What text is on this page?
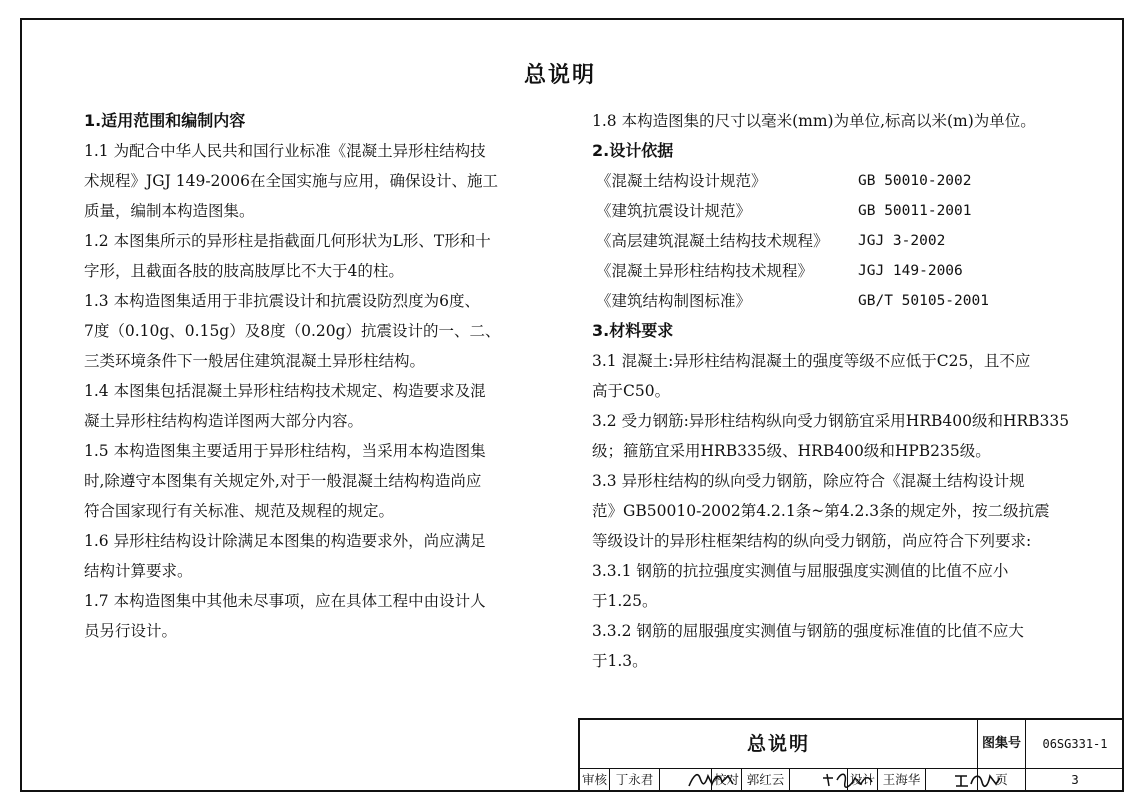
总说明
1.适用范围和编制内容
1.1 为配合中华人民共和国行业标准《混凝土异形柱结构技
术规程》JGJ 149-2006在全国实施与应用，确保设计、施工
质量，编制本构造图集。
1.2 本图集所示的异形柱是指截面几何形状为L形、T形和十
字形，且截面各肢的肢高肢厚比不大于4的柱。
1.3 本构造图集适用于非抗震设计和抗震设防烈度为6度、
7度（0.10g、0.15g）及8度（0.20g）抗震设计的一、二、
三类环境条件下一般居住建筑混凝土异形柱结构。
1.4 本图集包括混凝土异形柱结构技术规定、构造要求及混
凝土异形柱结构构造详图两大部分内容。
1.5 本构造图集主要适用于异形柱结构，当采用本构造图集
时,除遵守本图集有关规定外,对于一般混凝土结构构造尚应
符合国家现行有关标准、规范及规程的规定。
1.6 异形柱结构设计除满足本图集的构造要求外，尚应满足
结构计算要求。
1.7 本构造图集中其他未尽事项，应在具体工程中由设计人
员另行设计。
1.8 本构造图集的尺寸以毫米(mm)为单位,标高以米(m)为单位。
2.设计依据
《混凝土结构设计规范》	GB 50010-2002
《建筑抗震设计规范》	GB 50011-2001
《高层建筑混凝土结构技术规程》	JGJ 3-2002
《混凝土异形柱结构技术规程》	JGJ 149-2006
《建筑结构制图标准》	GB/T 50105-2001
3.材料要求
3.1 混凝土:异形柱结构混凝土的强度等级不应低于C25，且不应
高于C50。
3.2 受力钢筋:异形柱结构纵向受力钢筋宜采用HRB400级和HRB335
级；箍筋宜采用HRB335级、HRB400级和HPB235级。
3.3 异形柱结构的纵向受力钢筋，除应符合《混凝土结构设计规
范》GB50010-2002第4.2.1条~第4.2.3条的规定外，按二级抗震
等级设计的异形柱框架结构的纵向受力钢筋，尚应符合下列要求:
3.3.1 钢筋的抗拉强度实测值与屈服强度实测值的比值不应小
于1.25。
3.3.2 钢筋的屈服强度实测值与钢筋的强度标准值的比值不应大
于1.3。
总说明	图集号	06SG331-1
审核 丁永君	校对 郭红云	设计 王海华	页	3
